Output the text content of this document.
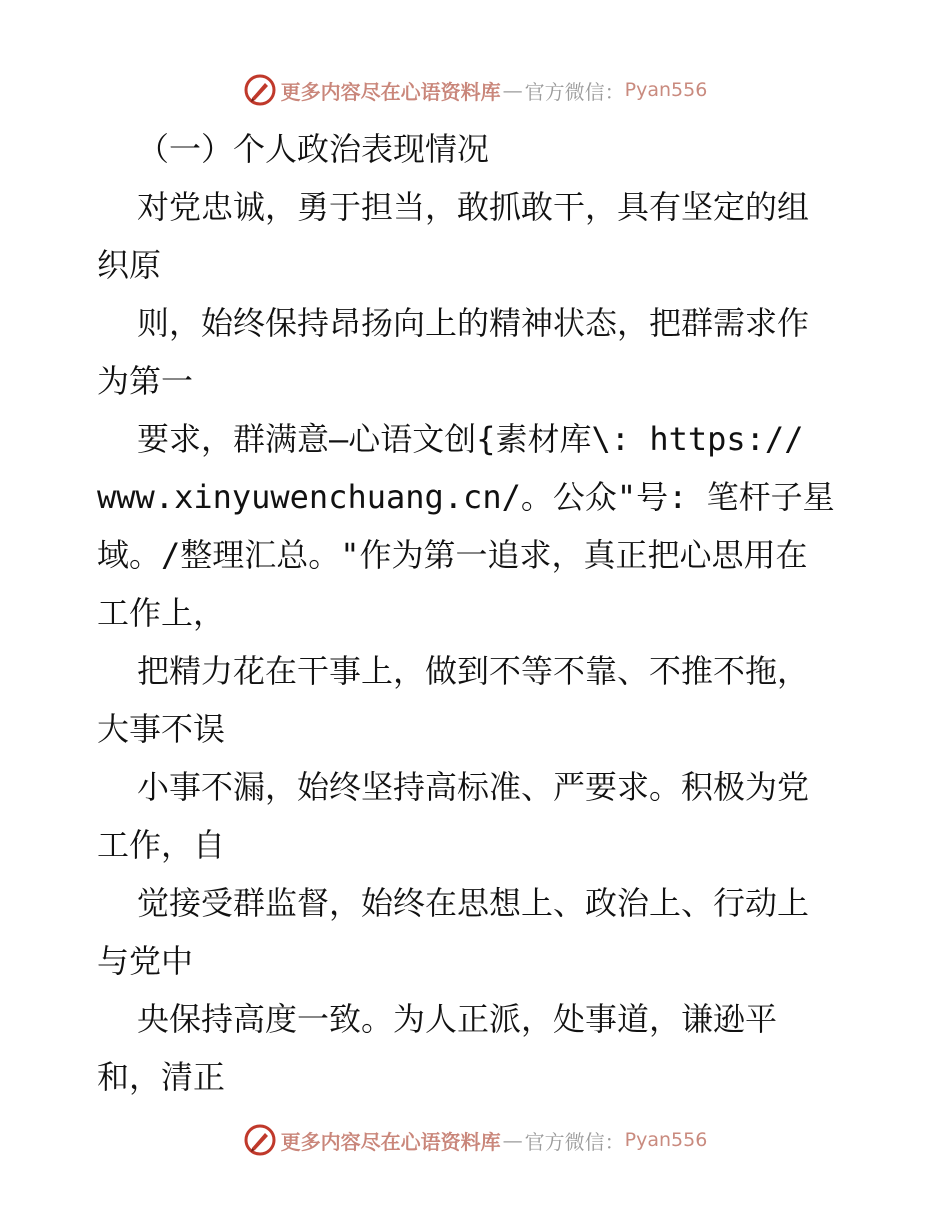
更多内容尽在心语资料库 — 官方微信： Pyan556
（一）个人政治表现情况
对党忠诚，勇于担当，敢抓敢干，具有坚定的组
织原
则，始终保持昂扬向上的精神状态，把群需求作
为第一
要求，群满意—心语文创{素材库\: https://
www.xinyuwenchuang.cn/。公众"号: 笔杆子星
域。/整理汇总。"作为第一追求，真正把心思用在
工作上，
把精力花在干事上，做到不等不靠、不推不拖，
大事不误
小事不漏，始终坚持高标准、严要求。积极为党
工作，自
觉接受群监督，始终在思想上、政治上、行动上
与党中
央保持高度一致。为人正派，处事道，谦逊平
和，清正
更多内容尽在心语资料库 — 官方微信： Pyan556
